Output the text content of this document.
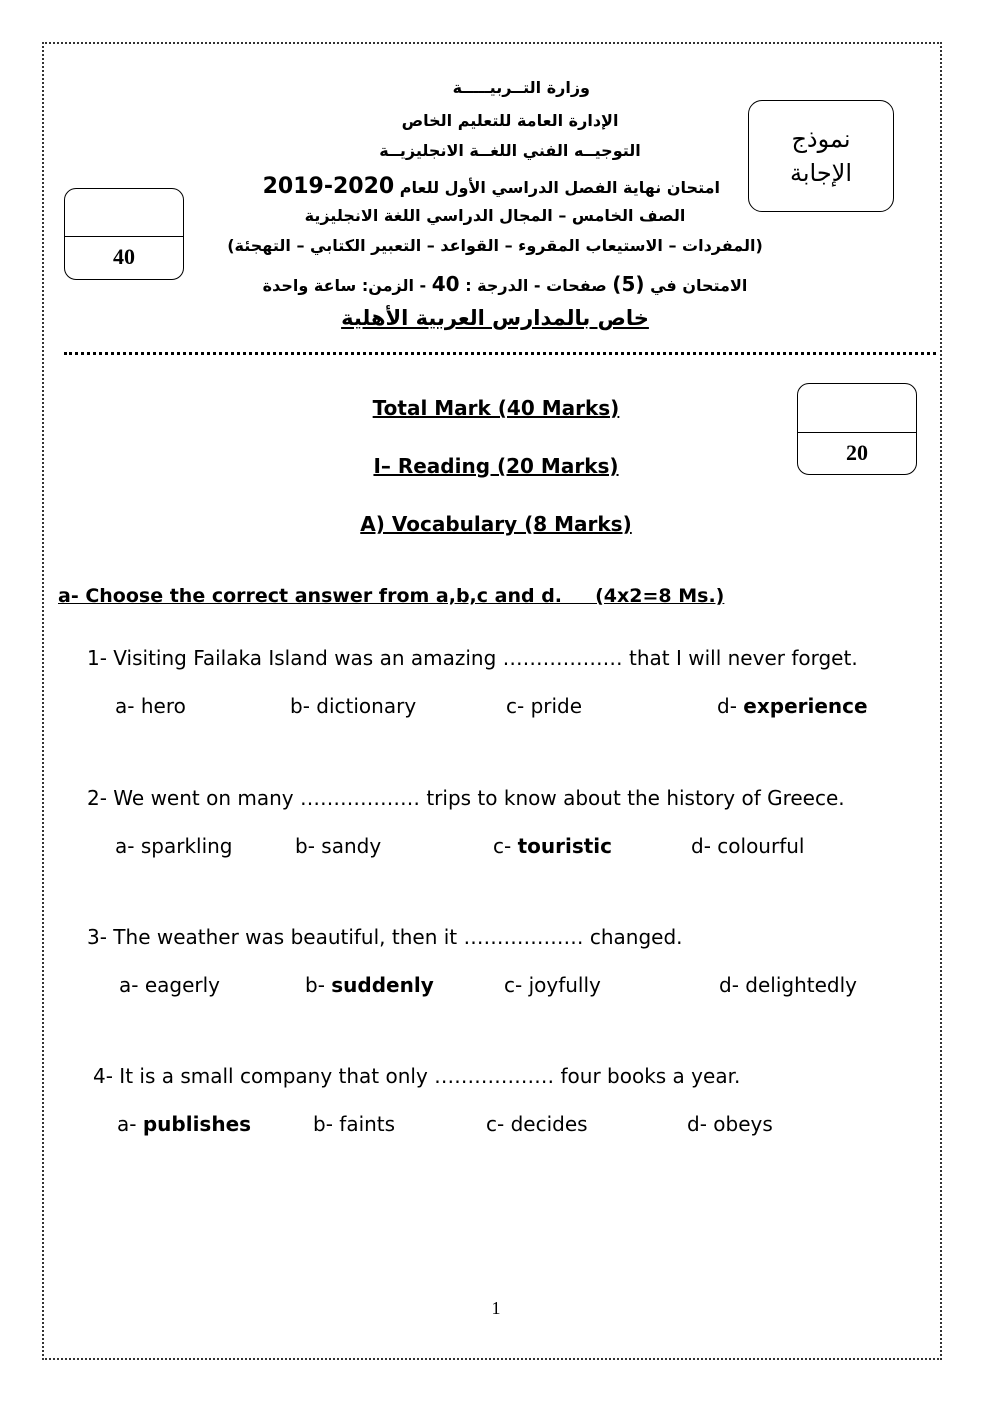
وزارة التــربيـــــة
الإدارة العامة للتعليم الخاص
التوجيــه الفني اللغــة الانجليزيــة
امتحان نهاية الفصل الدراسي الأول للعام 2019-2020
الصف الخامس – المجال الدراسي اللغة الانجليزية
(المفردات – الاستيعاب المقروء – القواعد – التعبير الكتابي – التهجئة)
الامتحان في (5) صفحات - الدرجة : 40 - الزمن: ساعة واحدة
خاص بالمدارس العربية الأهلية
نموذج
الإجابة
40
20
Total Mark (40 Marks)
I– Reading (20 Marks)
A) Vocabulary (8 Marks)
a- Choose the correct answer from a,b,c and d.     (4x2=8 Ms.)
1- Visiting Failaka Island was an amazing ……………… that I will never forget.
a- hero	b- dictionary	c- pride	d- experience
2- We went on many ……………… trips to know about the history of Greece.
a- sparkling	b- sandy	c- touristic	d- colourful
3- The weather was beautiful, then it ……………… changed.
a- eagerly	b- suddenly	c- joyfully	d- delightedly
4- It is a small company that only ……………… four books a year.
a- publishes	b- faints	c- decides	d- obeys
1
